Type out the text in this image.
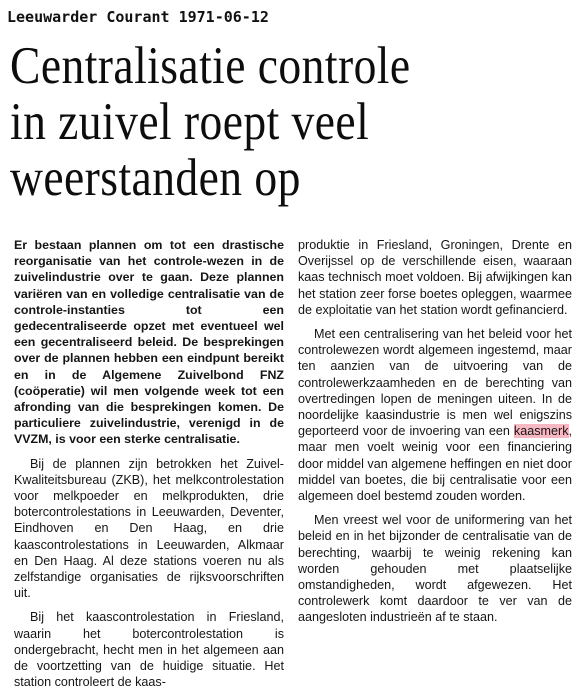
Leeuwarder Courant 1971-06-12
Centralisatie controle
in zuivel roept veel
weerstanden op

Er bestaan plannen om tot een drastische reorganisatie van het controle-wezen in de zuivelindustrie over te gaan. Deze plannen variëren van en volledige centralisatie van de controle-instanties tot een gedecentraliseerde opzet met eventueel wel een gecentraliseerd beleid. De besprekingen over de plannen hebben een eindpunt bereikt en in de Algemene Zuivelbond FNZ (coöperatie) wil men volgende week tot een afronding van die besprekingen komen. De particuliere zuivelindustrie, verenigd in de VVZM, is voor een sterke centralisatie.

Bij de plannen zijn betrokken het Zuivel-Kwaliteitsbureau (ZKB), het melkcontrolestation voor melkpoeder en melkprodukten, drie botercontrolestations in Leeuwarden, Deventer, Eindhoven en Den Haag, en drie kaascontrolestations in Leeuwarden, Alkmaar en Den Haag. Al deze stations voeren nu als zelfstandige organisaties de rijksvoorschriften uit.

Bij het kaascontrolestation in Friesland, waarin het botercontrolestation is ondergebracht, hecht men in het algemeen aan de voortzetting van de huidige situatie. Het station controleert de kaas-

produktie in Friesland, Groningen, Drente en Overijssel op de verschillende eisen, waaraan kaas technisch moet voldoen. Bij afwijkingen kan het station zeer forse boetes opleggen, waarmee de exploitatie van het station wordt gefinancierd.

Met een centralisering van het beleid voor het controlewezen wordt algemeen ingestemd, maar ten aanzien van de uitvoering van de controlewerkzaamheden en de berechting van overtredingen lopen de meningen uiteen. In de noordelijke kaasindustrie is men wel enigszins geporteerd voor de invoering van een kaasmerk, maar men voelt weinig voor een financiering door middel van algemene heffingen en niet door middel van boetes, die bij centralisatie voor een algemeen doel bestemd zouden worden.

Men vreest wel voor de uniformering van het beleid en in het bijzonder de centralisatie van de berechting, waarbij te weinig rekening kan worden gehouden met plaatselijke omstandigheden, wordt afgewezen. Het controlewerk komt daardoor te ver van de aangesloten industrieën af te staan.
